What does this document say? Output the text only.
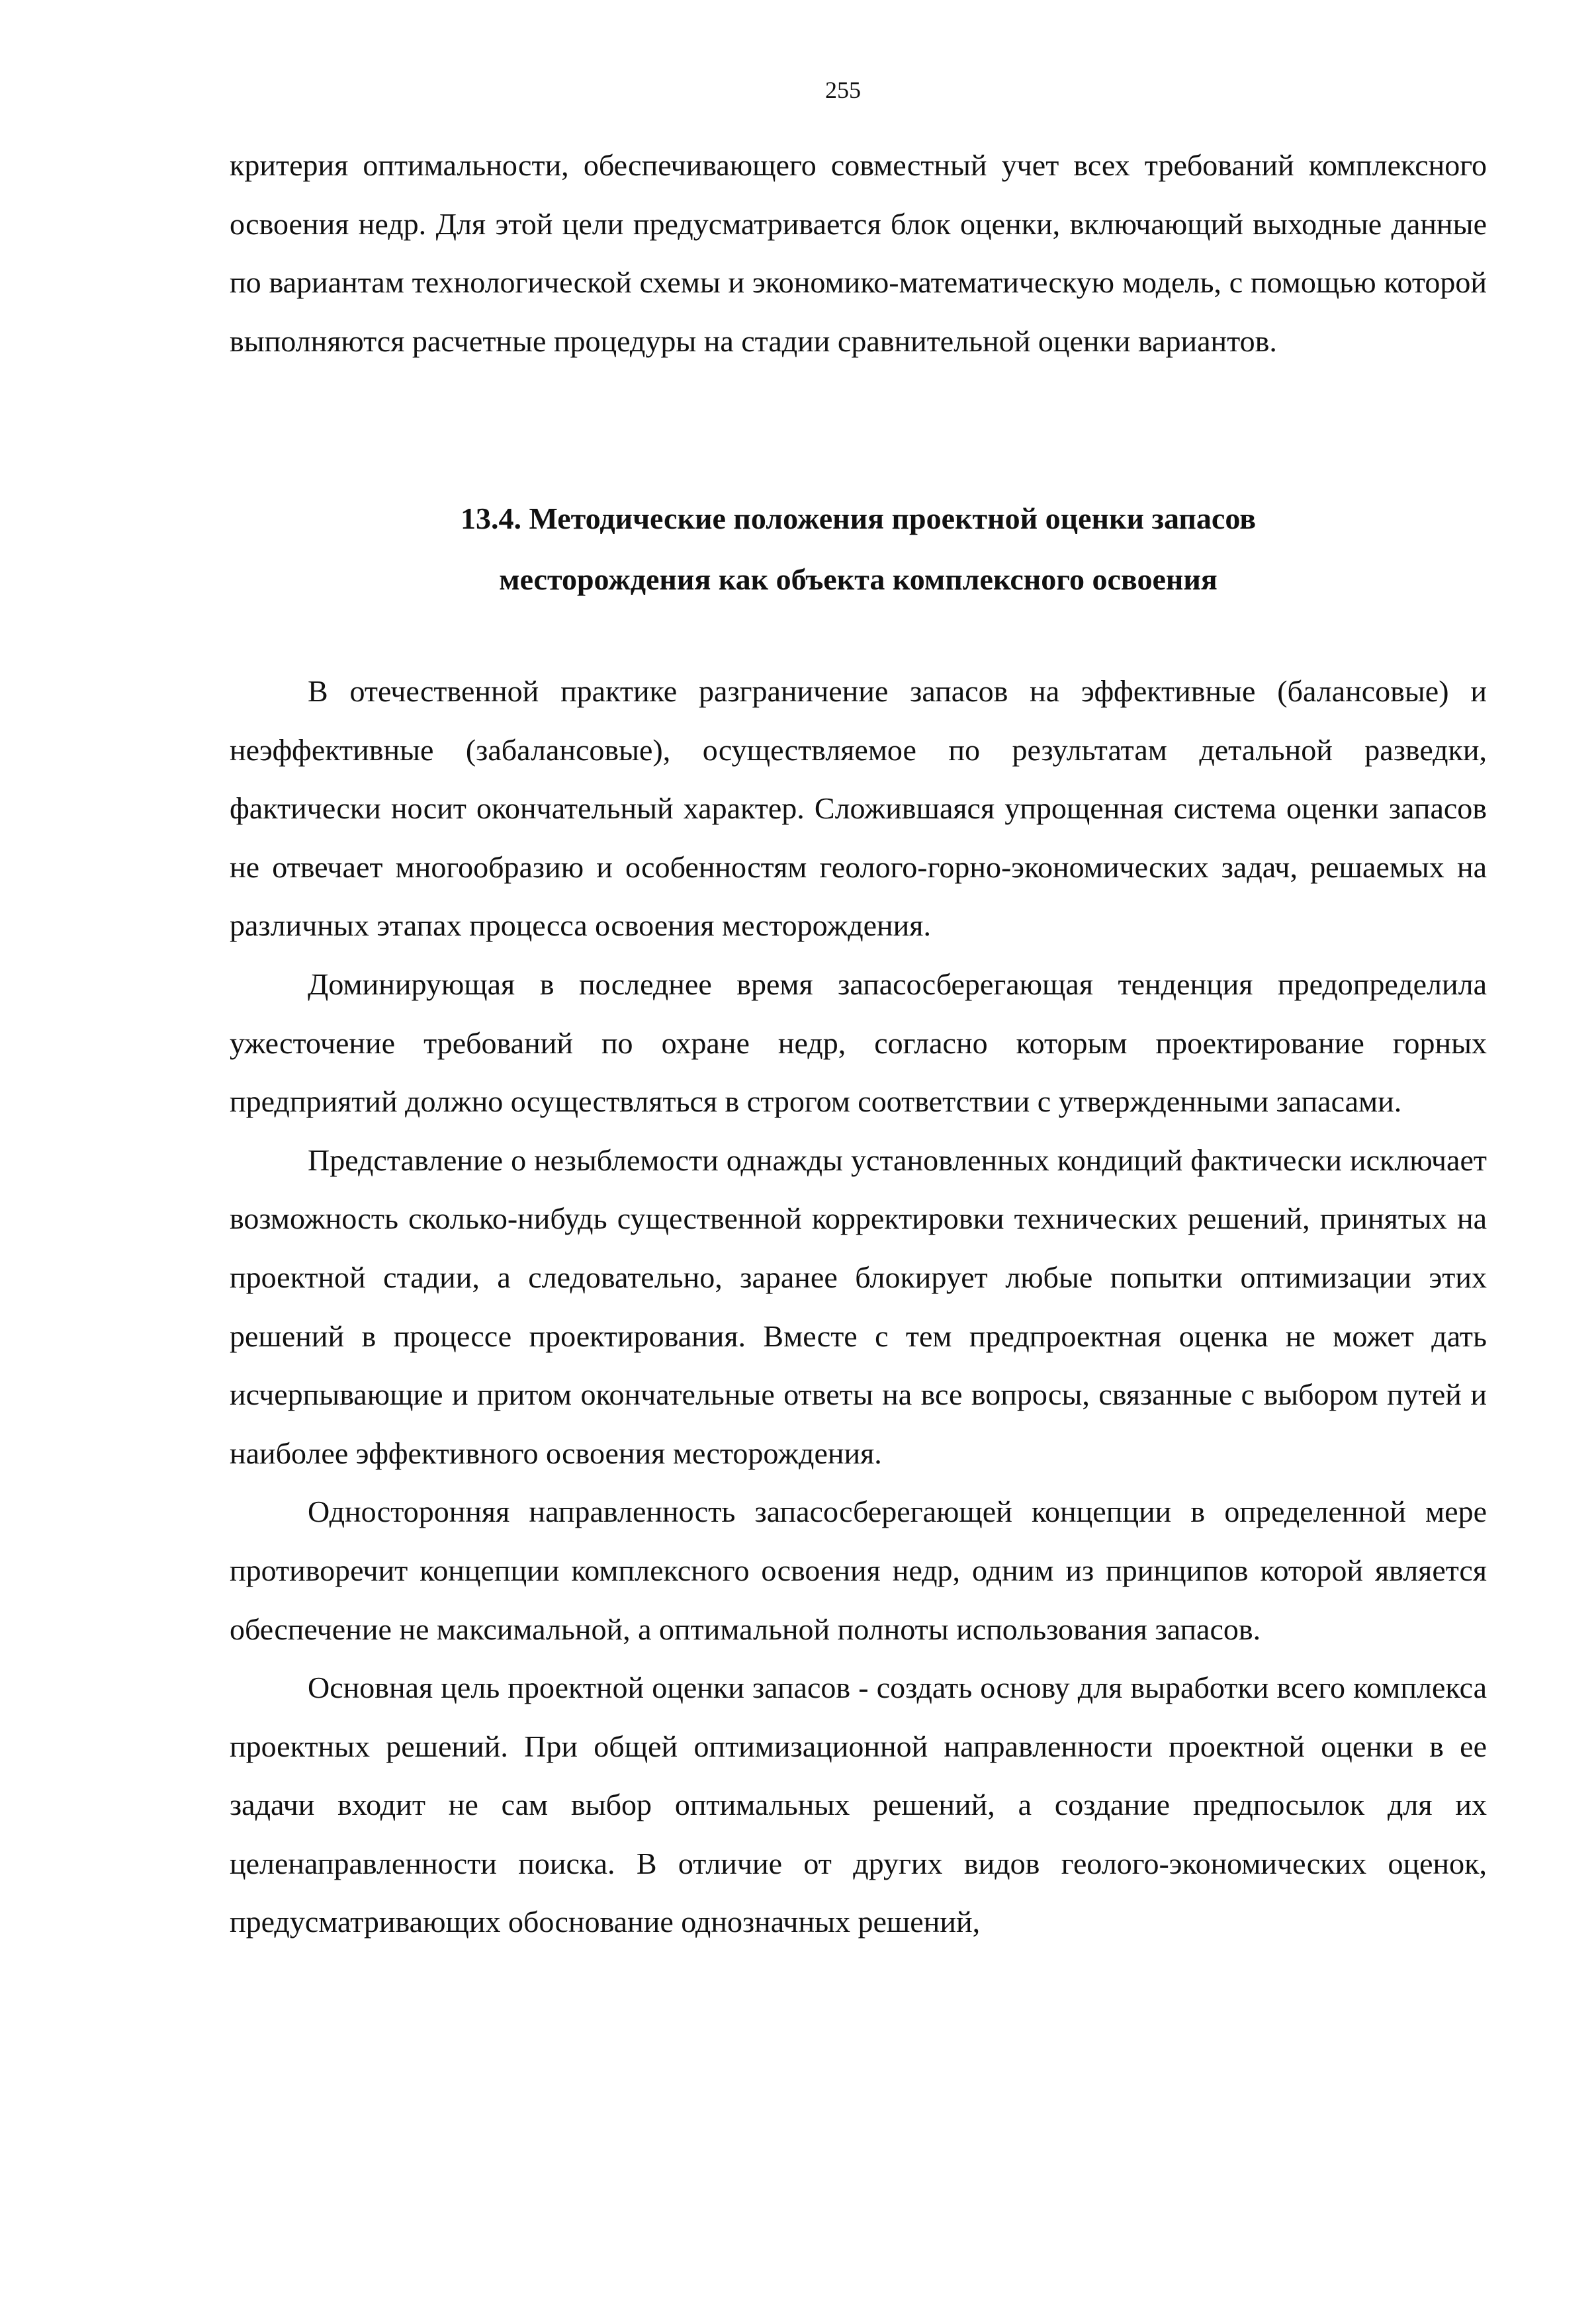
255

критерия оптимальности, обеспечивающего совместный учет всех требований комплексного освоения недр. Для этой цели предусматривается блок оценки, включающий выходные данные по вариантам технологической схемы и экономико-математическую модель, с помощью которой выполняются расчетные процедуры на стадии сравнительной оценки вариантов.

13.4. Методические положения проектной оценки запасов
месторождения как объекта комплексного освоения

В отечественной практике разграничение запасов на эффективные (балансовые) и неэффективные (забалансовые), осуществляемое по результатам детальной разведки, фактически носит окончательный характер. Сложившаяся упрощенная система оценки запасов не отвечает многообразию и особенностям геолого-горно-экономических задач, решаемых на различных этапах процесса освоения месторождения.

Доминирующая в последнее время запасосберегающая тенденция предопределила ужесточение требований по охране недр, согласно которым проектирование горных предприятий должно осуществляться в строгом соответствии с утвержденными запасами.

Представление о незыблемости однажды установленных кондиций фактически исключает возможность сколько-нибудь существенной корректировки технических решений, принятых на проектной стадии, а следовательно, заранее блокирует любые попытки оптимизации этих решений в процессе проектирования. Вместе с тем предпроектная оценка не может дать исчерпывающие и притом окончательные ответы на все вопросы, связанные с выбором путей и наиболее эффективного освоения месторождения.

Односторонняя направленность запасосберегающей концепции в определенной мере противоречит концепции комплексного освоения недр, одним из принципов которой является обеспечение не максимальной, а оптимальной полноты использования запасов.

Основная цель проектной оценки запасов - создать основу для выработки всего комплекса проектных решений. При общей оптимизационной направленности проектной оценки в ее задачи входит не сам выбор оптимальных решений, а создание предпосылок для их целенаправленности поиска. В отличие от других видов геолого-экономических оценок, предусматривающих обоснование однозначных решений,
